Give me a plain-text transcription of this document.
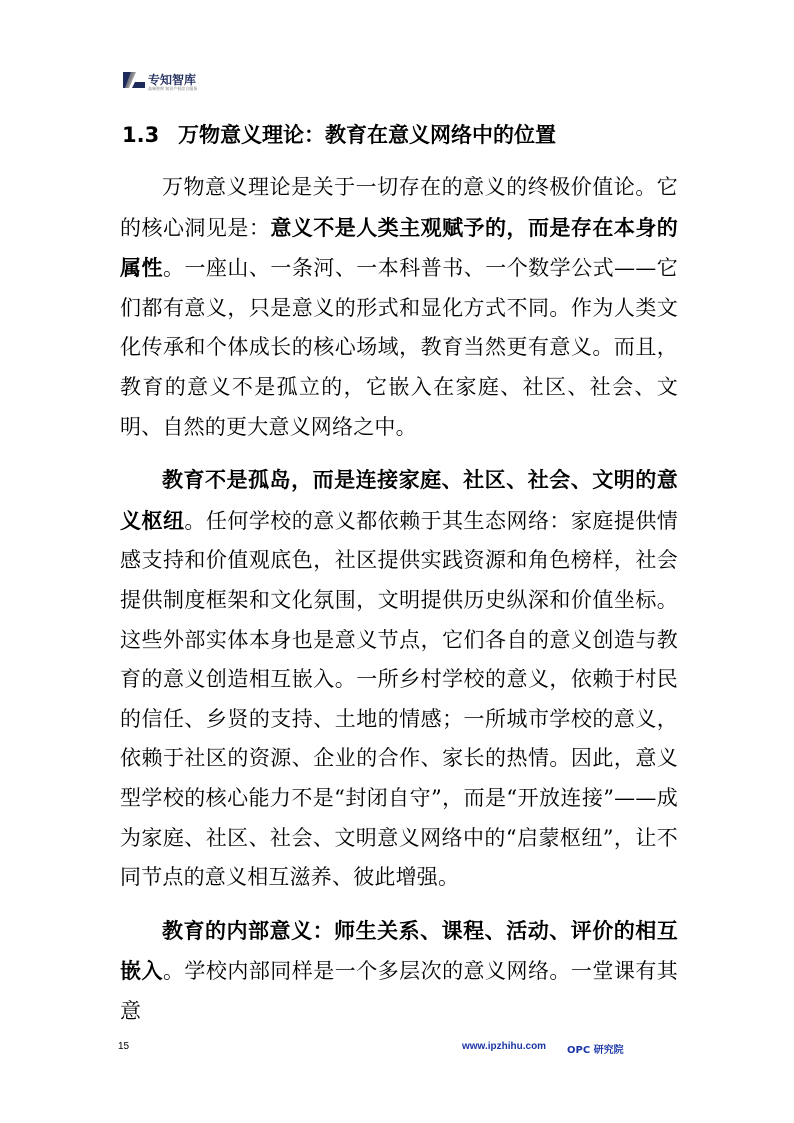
专知智库
高端智库 知识产权综合服务
1.3 万物意义理论：教育在意义网络中的位置

万物意义理论是关于一切存在的意义的终极价值论。它的核心洞见是：意义不是人类主观赋予的，而是存在本身的属性。一座山、一条河、一本科普书、一个数学公式——它们都有意义，只是意义的形式和显化方式不同。作为人类文化传承和个体成长的核心场域，教育当然更有意义。而且，教育的意义不是孤立的，它嵌入在家庭、社区、社会、文明、自然的更大意义网络之中。

教育不是孤岛，而是连接家庭、社区、社会、文明的意义枢纽。任何学校的意义都依赖于其生态网络：家庭提供情感支持和价值观底色，社区提供实践资源和角色榜样，社会提供制度框架和文化氛围，文明提供历史纵深和价值坐标。这些外部实体本身也是意义节点，它们各自的意义创造与教育的意义创造相互嵌入。一所乡村学校的意义，依赖于村民的信任、乡贤的支持、土地的情感；一所城市学校的意义，依赖于社区的资源、企业的合作、家长的热情。因此，意义型学校的核心能力不是“封闭自守”，而是“开放连接”——成为家庭、社区、社会、文明意义网络中的“启蒙枢纽”，让不同节点的意义相互滋养、彼此增强。

教育的内部意义：师生关系、课程、活动、评价的相互嵌入。学校内部同样是一个多层次的意义网络。一堂课有其意

15	www.ipzhihu.com OPC 研究院
